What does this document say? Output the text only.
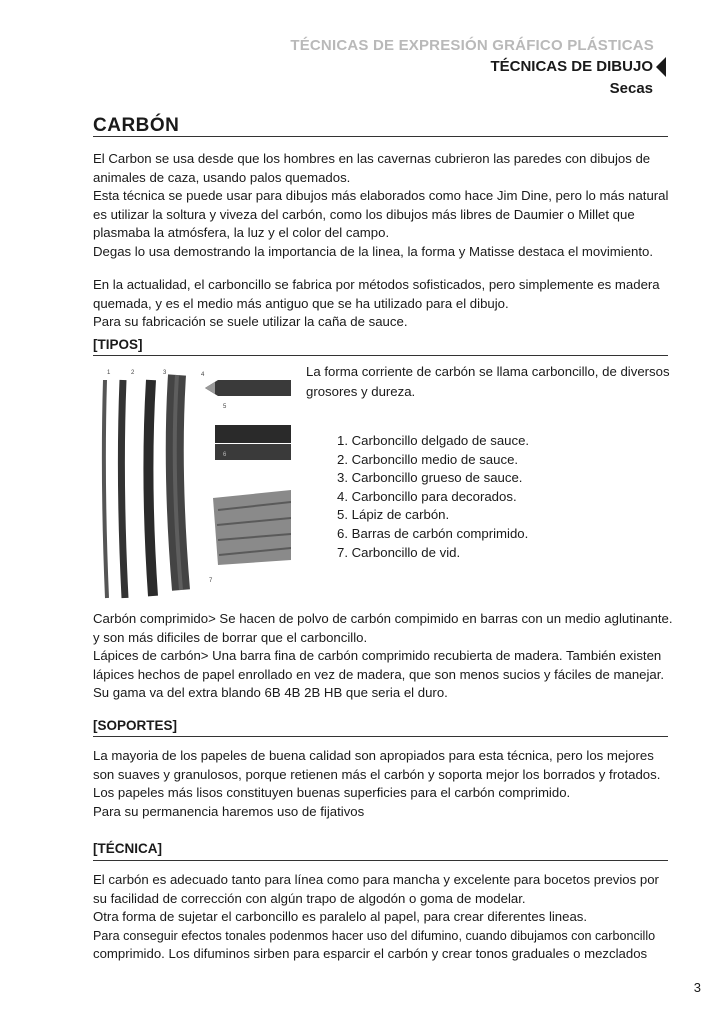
TÉCNICAS DE EXPRESIÓN GRÁFICO PLÁSTICAS
TÉCNICAS DE DIBUJO
Secas
CARBÓN

El Carbon se usa desde que los hombres en las cavernas cubrieron las paredes con dibujos de

animales de caza, usando palos quemados.

Esta técnica se puede usar para dibujos más elaborados como hace Jim Dine, pero lo más natural

es utilizar la soltura y viveza del carbón, como los dibujos más libres de Daumier o Millet que

plasmaba la atmósfera, la luz y el color del campo.

Degas lo usa demostrando la importancia de la linea, la forma y Matisse destaca el movimiento.

En la actualidad, el carboncillo se fabrica por métodos sofisticados, pero simplemente es madera

quemada, y es el medio más antiguo que se ha utilizado para el dibujo.

Para su fabricación se suele utilizar la caña de sauce.

[TIPOS]
1	2	3	4
5
6
7
La forma corriente de carbón se llama carboncillo, de diversos grosores y dureza.
1. Carboncillo delgado de sauce.
2. Carboncillo medio de sauce.
3. Carboncillo grueso de sauce.
4. Carboncillo para decorados.
5. Lápiz de carbón.
6. Barras de carbón comprimido.
7. Carboncillo de vid.

Carbón comprimido> Se hacen de polvo de carbón compimido en barras con un medio aglutinante.

y son más dificiles de borrar que el carboncillo.

Lápices de carbón> Una barra fina de carbón comprimido recubierta de madera. También existen

lápices hechos de papel enrollado en vez de madera, que son menos sucios y fáciles de manejar.

Su gama va del extra blando 6B 4B 2B HB que seria el duro.

[SOPORTES]

La mayoria de los papeles de buena calidad son apropiados para esta técnica, pero los mejores

son suaves y granulosos, porque retienen más el carbón y soporta mejor los borrados y frotados.

Los papeles más lisos constituyen buenas superficies para el carbón comprimido.

Para su permanencia haremos uso de fijativos

[TÉCNICA]

El carbón es adecuado tanto para línea como para mancha y excelente para bocetos previos por

su facilidad de corrección con algún trapo de algodón o goma de modelar.

Otra forma de sujetar el carboncillo es paralelo al papel, para crear diferentes lineas.

Para conseguir efectos tonales podenmos hacer uso del difumino, cuando dibujamos con carboncillo

comprimido. Los difuminos sirben para esparcir el carbón y crear tonos graduales o mezclados

3
